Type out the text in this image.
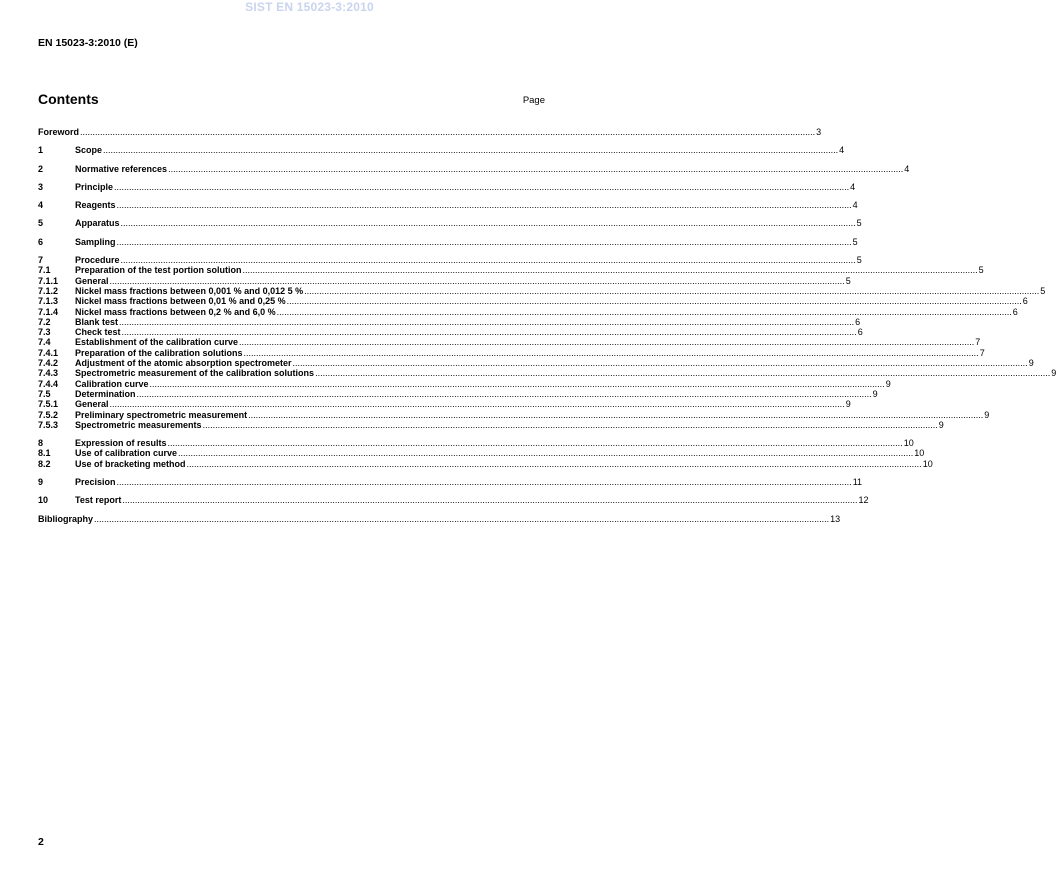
SIST EN 15023-3:2010
EN 15023-3:2010 (E)
Contents	Page
Foreword .....	3
1	Scope .....	4
2	Normative references .....	4
3	Principle .....	4
4	Reagents .....	4
5	Apparatus .....	5
6	Sampling .....	5
7	Procedure .....	5
7.1	Preparation of the test portion solution .....	5
7.1.1	General .....	5
7.1.2	Nickel mass fractions between 0,001 % and 0,012 5 % .....	5
7.1.3	Nickel mass fractions between 0,01 % and 0,25 % .....	6
7.1.4	Nickel mass fractions between 0,2 % and 6,0 % .....	6
7.2	Blank test .....	6
7.3	Check test .....	6
7.4	Establishment of the calibration curve .....	7
7.4.1	Preparation of the calibration solutions .....	7
7.4.2	Adjustment of the atomic absorption spectrometer .....	9
7.4.3	Spectrometric measurement of the calibration solutions .....	9
7.4.4	Calibration curve .....	9
7.5	Determination .....	9
7.5.1	General .....	9
7.5.2	Preliminary spectrometric measurement .....	9
7.5.3	Spectrometric measurements .....	9
8	Expression of results .....	10
8.1	Use of calibration curve .....	10
8.2	Use of bracketing method .....	10
9	Precision .....	11
10	Test report .....	12
Bibliography .....	13
2
